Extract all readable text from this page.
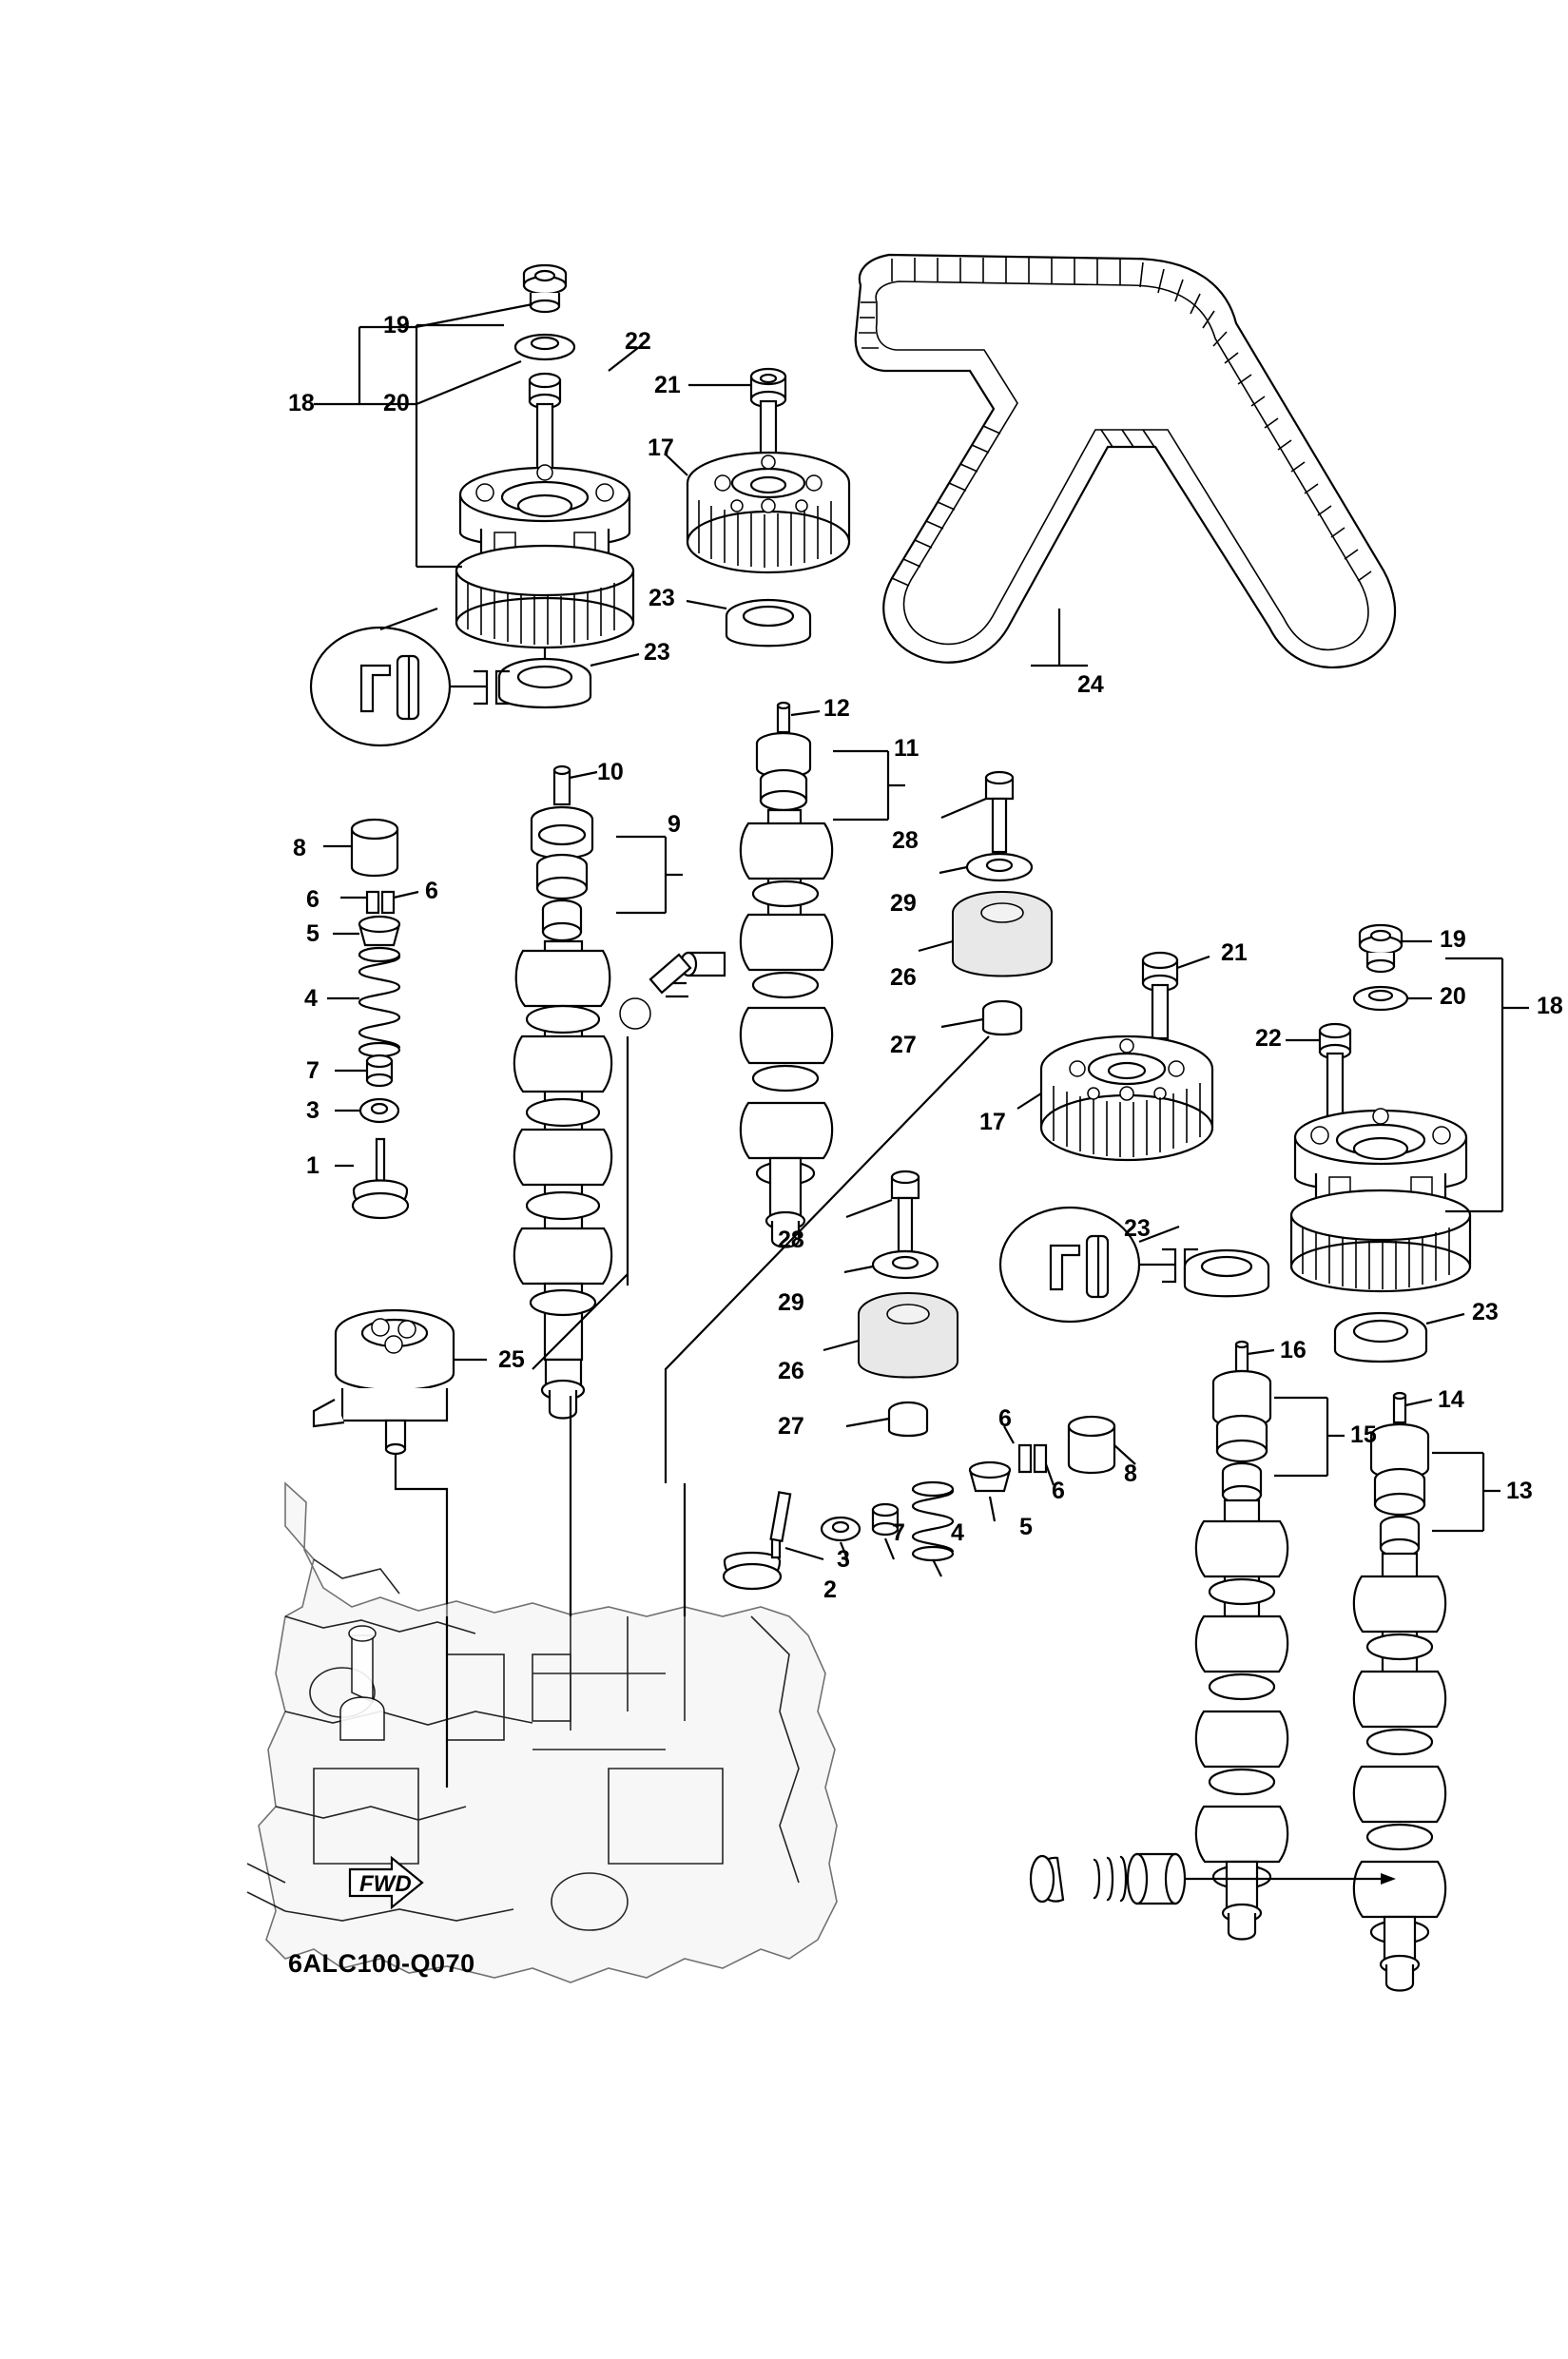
19
18	20
22
21
17
23
23
24
12
11
10
9
28
29
26
27
8
6	6
5
4
7
3
1
21	19
20	18
22
17
23
23
25
28
29
26
27
16
15
14
13
6
6
8
5
4
7
3
2
FWD
6ALC100-Q070
